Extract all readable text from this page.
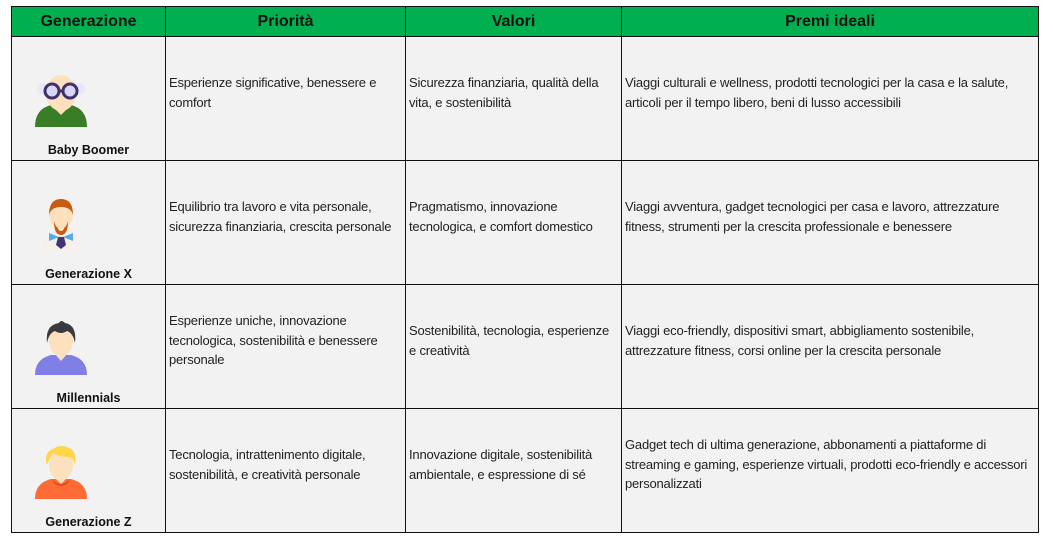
Generazione	Priorità	Valori	Premi ideali

Baby Boomer	Esperienze significative, benessere e comfort	Sicurezza finanziaria, qualità della vita, e sostenibilità	Viaggi culturali e wellness, prodotti tecnologici per la casa e la salute, articoli per il tempo libero, beni di lusso accessibili

Generazione X	Equilibrio tra lavoro e vita personale, sicurezza finanziaria, crescita personale	Pragmatismo, innovazione tecnologica, e comfort domestico	Viaggi avventura, gadget tecnologici per casa e lavoro, attrezzature fitness, strumenti per la crescita professionale e benessere

Millennials	Esperienze uniche, innovazione tecnologica, sostenibilità e benessere personale	Sostenibilità, tecnologia, esperienze e creatività	Viaggi eco-friendly, dispositivi smart, abbigliamento sostenibile, attrezzature fitness, corsi online per la crescita personale

Generazione Z	Tecnologia, intrattenimento digitale, sostenibilità, e creatività personale	Innovazione digitale, sostenibilità ambientale, e espressione di sé	Gadget tech di ultima generazione, abbonamenti a piattaforme di streaming e gaming, esperienze virtuali, prodotti eco-friendly e accessori personalizzati
